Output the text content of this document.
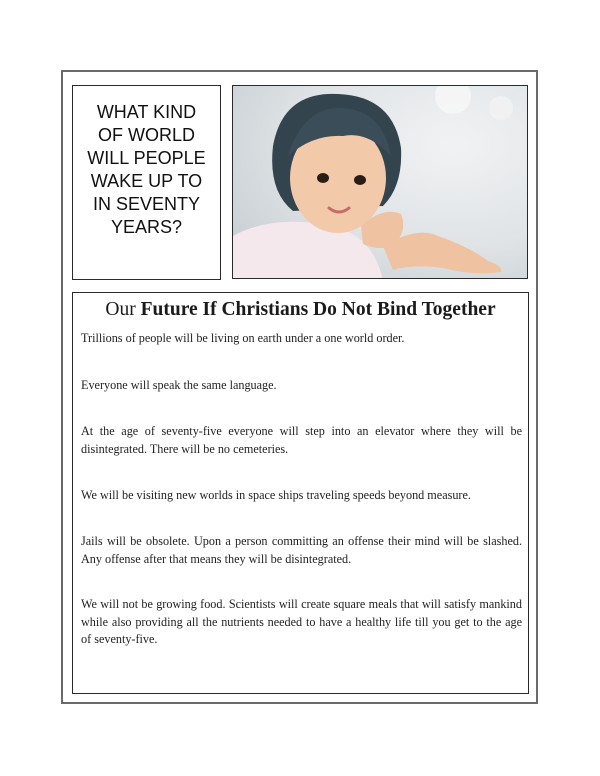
WHAT KIND
OF WORLD
WILL PEOPLE
WAKE UP TO
IN SEVENTY
YEARS?
Our Future If Christians Do Not Bind Together
Trillions of people will be living on earth under a one world order.
Everyone will speak the same language.
At the age of seventy-five everyone will step into an elevator where they will be disintegrated. There will be no cemeteries.
We will be visiting new worlds in space ships traveling speeds beyond measure.
Jails will be obsolete. Upon a person committing an offense their mind will be slashed. Any offense after that means they will be disintegrated.
We will not be growing food. Scientists will create square meals that will satisfy mankind while also providing all the nutrients needed to have a healthy life till you get to the age of seventy-five.
